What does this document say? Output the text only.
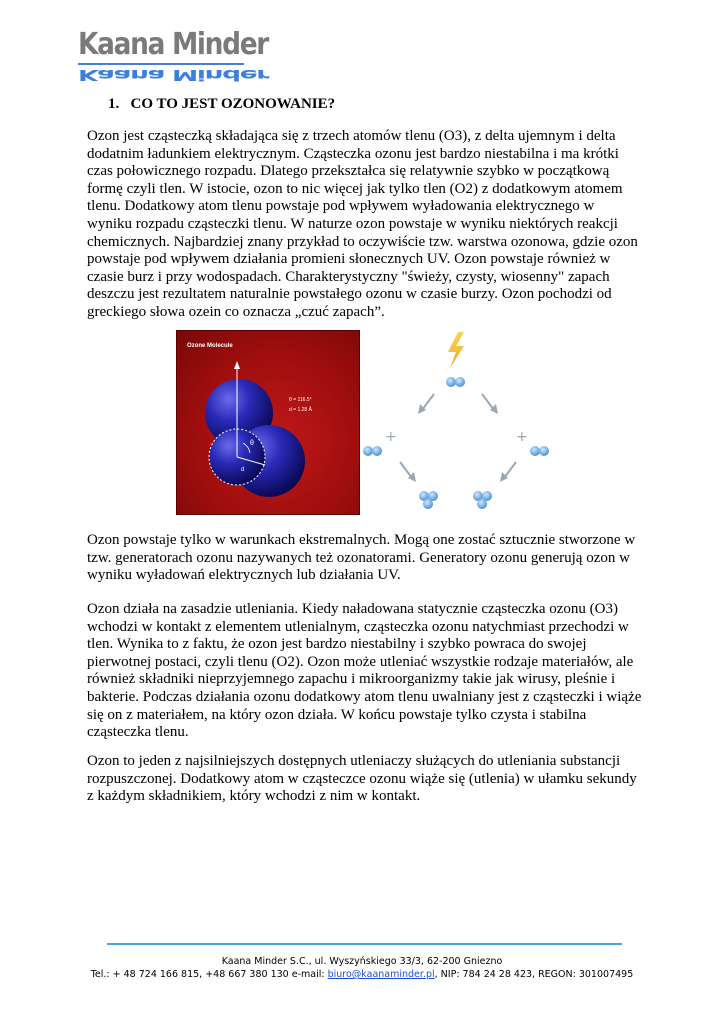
Kaana Minder
Kaana Minder
1. CO TO JEST OZONOWANIE?

Ozon jest cząsteczką składająca się z trzech atomów tlenu (O3), z delta ujemnym i delta dodatnim ładunkiem elektrycznym. Cząsteczka ozonu jest bardzo niestabilna i ma krótki czas połowicznego rozpadu. Dlatego przekształca się relatywnie szybko w początkową formę czyli tlen. W istocie, ozon to nic więcej jak tylko tlen (O2) z dodatkowym atomem tlenu. Dodatkowy atom tlenu powstaje pod wpływem wyładowania elektrycznego w wyniku rozpadu cząsteczki tlenu. W naturze ozon powstaje w wyniku niektórych reakcji chemicznych. Najbardziej znany przykład to oczywiście tzw. warstwa ozonowa, gdzie ozon powstaje pod wpływem działania promieni słonecznych UV. Ozon powstaje również w czasie burz i przy wodospadach. Charakterystyczny "świeży, czysty, wiosenny" zapach deszczu jest rezultatem naturalnie powstałego ozonu w czasie burzy. Ozon pochodzi od greckiego słowa ozein co oznacza „czuć zapach”.

Ozone Molecule
θ
d
θ = 116.5°
d = 1.28 Å
+	+

Ozon powstaje tylko w warunkach ekstremalnych. Mogą one zostać sztucznie stworzone w tzw. generatorach ozonu nazywanych też ozonatorami. Generatory ozonu generują ozon w wyniku wyładowań elektrycznych lub działania UV.

Ozon działa na zasadzie utleniania. Kiedy naładowana statycznie cząsteczka ozonu (O3) wchodzi w kontakt z elementem utlenialnym, cząsteczka ozonu natychmiast przechodzi w tlen. Wynika to z faktu, że ozon jest bardzo niestabilny i szybko powraca do swojej pierwotnej postaci, czyli tlenu (O2). Ozon może utleniać wszystkie rodzaje materiałów, ale również składniki nieprzyjemnego zapachu i mikroorganizmy takie jak wirusy, pleśnie i bakterie. Podczas działania ozonu dodatkowy atom tlenu uwalniany jest z cząsteczki i wiąże się on z materiałem, na który ozon działa. W końcu powstaje tylko czysta i stabilna cząsteczka tlenu.

Ozon to jeden z najsilniejszych dostępnych utleniaczy służących do utleniania substancji rozpuszczonej. Dodatkowy atom w cząsteczce ozonu wiąże się (utlenia) w ułamku sekundy z każdym składnikiem, który wchodzi z nim w kontakt.

Kaana Minder S.C., ul. Wyszyńskiego 33/3, 62-200 Gniezno
Tel.: + 48 724 166 815, +48 667 380 130 e-mail: biuro@kaanaminder.pl, NIP: 784 24 28 423, REGON: 301007495
